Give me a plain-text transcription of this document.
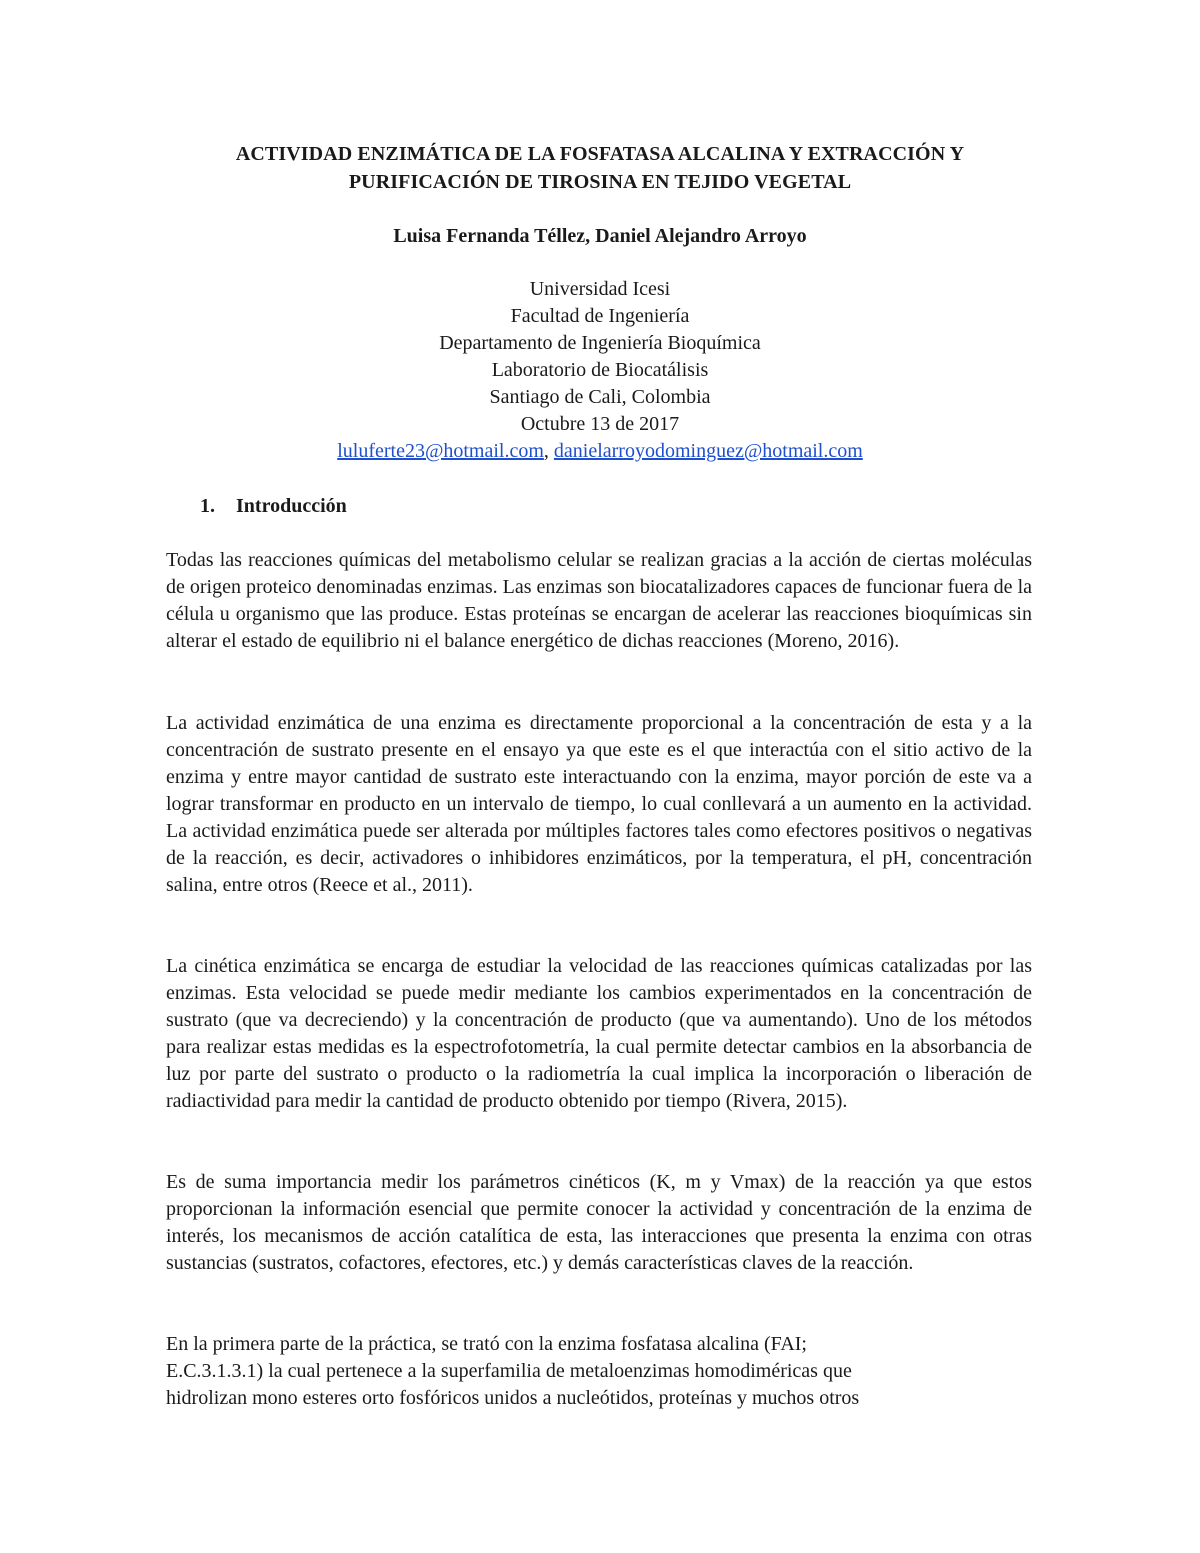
ACTIVIDAD ENZIMÁTICA DE LA FOSFATASA ALCALINA Y EXTRACCIÓN Y
PURIFICACIÓN DE TIROSINA EN TEJIDO VEGETAL
Luisa Fernanda Téllez, Daniel Alejandro Arroyo
Universidad Icesi
Facultad de Ingeniería
Departamento de Ingeniería Bioquímica
Laboratorio de Biocatálisis
Santiago de Cali, Colombia
Octubre 13 de 2017
luluferte23@hotmail.com, danielarroyodominguez@hotmail.com
1. Introducción

Todas las reacciones químicas del metabolismo celular se realizan gracias a la acción de ciertas moléculas de origen proteico denominadas enzimas. Las enzimas son biocatalizadores capaces de funcionar fuera de la célula u organismo que las produce. Estas proteínas se encargan de acelerar las reacciones bioquímicas sin alterar el estado de equilibrio ni el balance energético de dichas reacciones (Moreno, 2016).

La actividad enzimática de una enzima es directamente proporcional a la concentración de esta y a la concentración de sustrato presente en el ensayo ya que este es el que interactúa con el sitio activo de la enzima y entre mayor cantidad de sustrato este interactuando con la enzima, mayor porción de este va a lograr transformar en producto en un intervalo de tiempo, lo cual conllevará a un aumento en la actividad. La actividad enzimática puede ser alterada por múltiples factores tales como efectores positivos o negativas de la reacción, es decir, activadores o inhibidores enzimáticos, por la temperatura, el pH, concentración salina, entre otros (Reece et al., 2011).

La cinética enzimática se encarga de estudiar la velocidad de las reacciones químicas catalizadas por las enzimas. Esta velocidad se puede medir mediante los cambios experimentados en la concentración de sustrato (que va decreciendo) y la concentración de producto (que va aumentando). Uno de los métodos para realizar estas medidas es la espectrofotometría, la cual permite detectar cambios en la absorbancia de luz por parte del sustrato o producto o la radiometría la cual implica la incorporación o liberación de radiactividad para medir la cantidad de producto obtenido por tiempo (Rivera, 2015).

Es de suma importancia medir los parámetros cinéticos (K, m y Vmax) de la reacción ya que estos proporcionan la información esencial que permite conocer la actividad y concentración de la enzima de interés, los mecanismos de acción catalítica de esta, las interacciones que presenta la enzima con otras sustancias (sustratos, cofactores, efectores, etc.) y demás características claves de la reacción.

En la primera parte de la práctica, se trató con la enzima fosfatasa alcalina (FAI;
E.C.3.1.3.1) la cual pertenece a la superfamilia de metaloenzimas homodiméricas que
hidrolizan mono esteres orto fosfóricos unidos a nucleótidos, proteínas y muchos otros
